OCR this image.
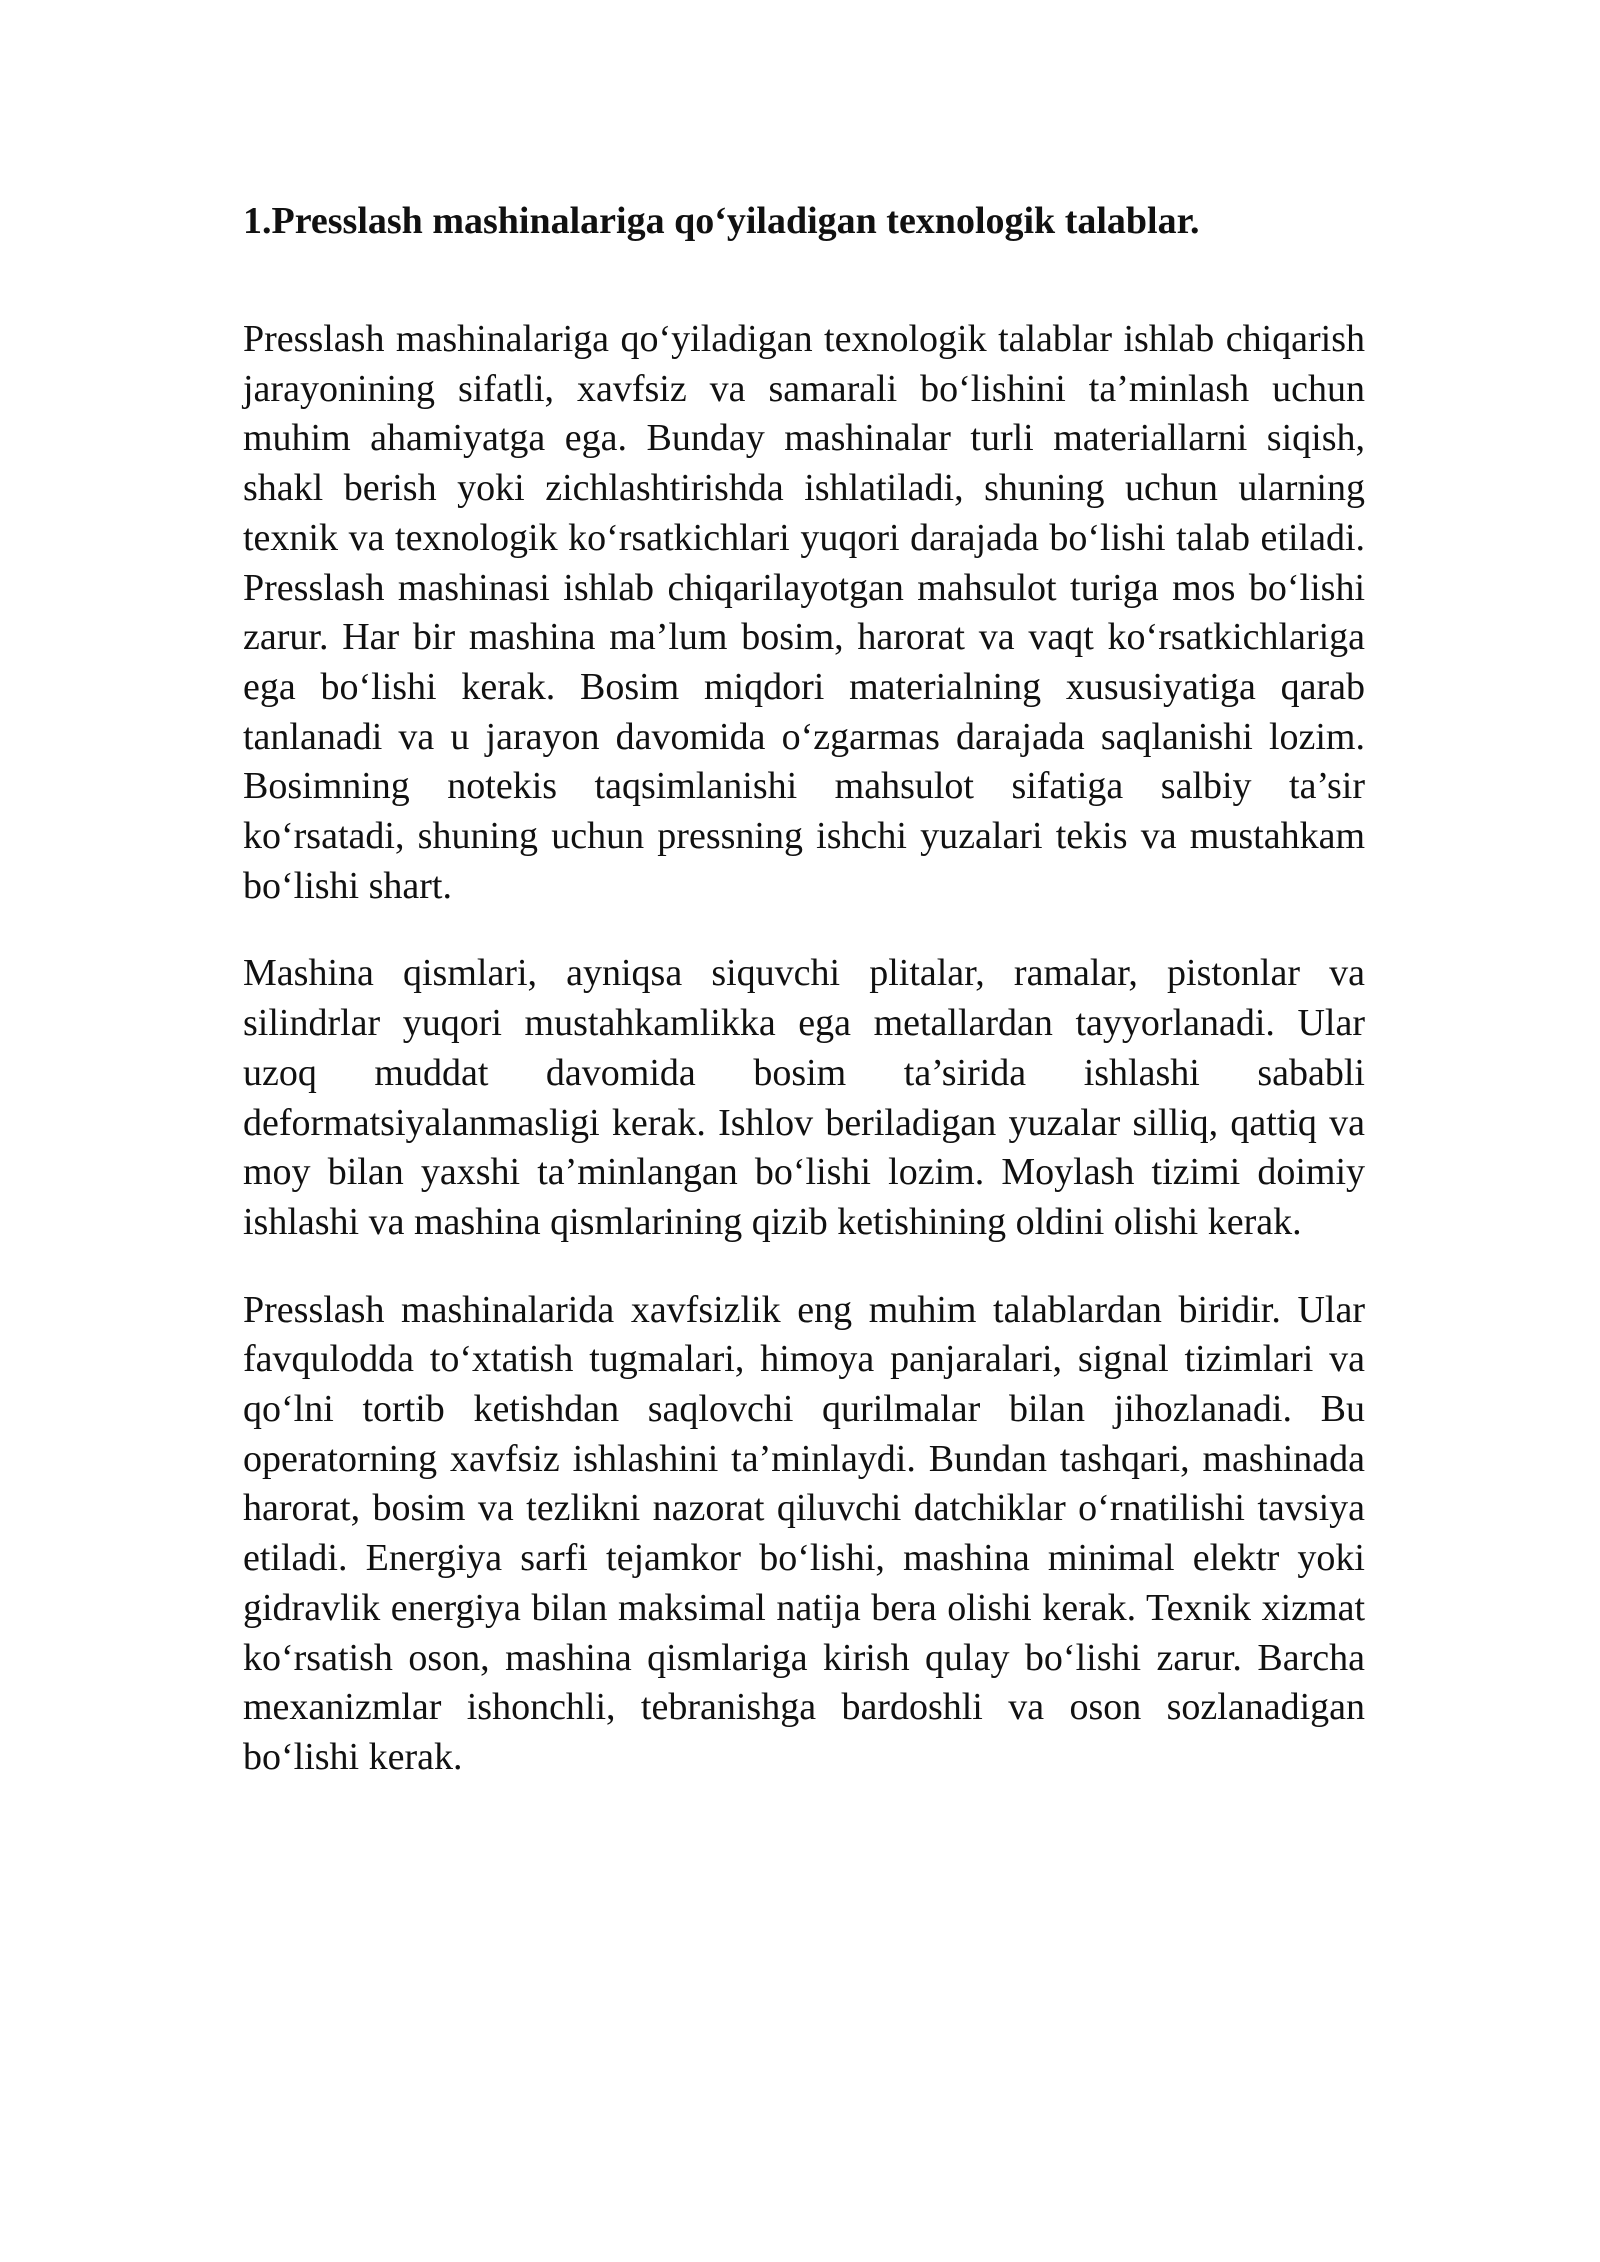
1.Presslash mashinalariga qo‘yiladigan texnologik talablar.

Presslash mashinalariga qo‘yiladigan texnologik talablar ishlab chiqarish jarayonining sifatli, xavfsiz va samarali bo‘lishini ta’minlash uchun muhim ahamiyatga ega. Bunday mashinalar turli materiallarni siqish, shakl berish yoki zichlashtirishda ishlatiladi, shuning uchun ularning texnik va texnologik ko‘rsatkichlari yuqori darajada bo‘lishi talab etiladi. Presslash mashinasi ishlab chiqarilayotgan mahsulot turiga mos bo‘lishi zarur. Har bir mashina ma’lum bosim, harorat va vaqt ko‘rsatkichlariga ega bo‘lishi kerak. Bosim miqdori materialning xususiyatiga qarab tanlanadi va u jarayon davomida o‘zgarmas darajada saqlanishi lozim. Bosimning notekis taqsimlanishi mahsulot sifatiga salbiy ta’sir ko‘rsatadi, shuning uchun pressning ishchi yuzalari tekis va mustahkam bo‘lishi shart.

Mashina qismlari, ayniqsa siquvchi plitalar, ramalar, pistonlar va silindrlar yuqori mustahkamlikka ega metallardan tayyorlanadi. Ular uzoq muddat davomida bosim ta’sirida ishlashi sababli deformatsiyalanmasligi kerak. Ishlov beriladigan yuzalar silliq, qattiq va moy bilan yaxshi ta’minlangan bo‘lishi lozim. Moylash tizimi doimiy ishlashi va mashina qismlarining qizib ketishining oldini olishi kerak.

Presslash mashinalarida xavfsizlik eng muhim talablardan biridir. Ular favqulodda to‘xtatish tugmalari, himoya panjaralari, signal tizimlari va qo‘lni tortib ketishdan saqlovchi qurilmalar bilan jihozlanadi. Bu operatorning xavfsiz ishlashini ta’minlaydi. Bundan tashqari, mashinada harorat, bosim va tezlikni nazorat qiluvchi datchiklar o‘rnatilishi tavsiya etiladi. Energiya sarfi tejamkor bo‘lishi, mashina minimal elektr yoki gidravlik energiya bilan maksimal natija bera olishi kerak. Texnik xizmat ko‘rsatish oson, mashina qismlariga kirish qulay bo‘lishi zarur. Barcha mexanizmlar ishonchli, tebranishga bardoshli va oson sozlanadigan bo‘lishi kerak.
